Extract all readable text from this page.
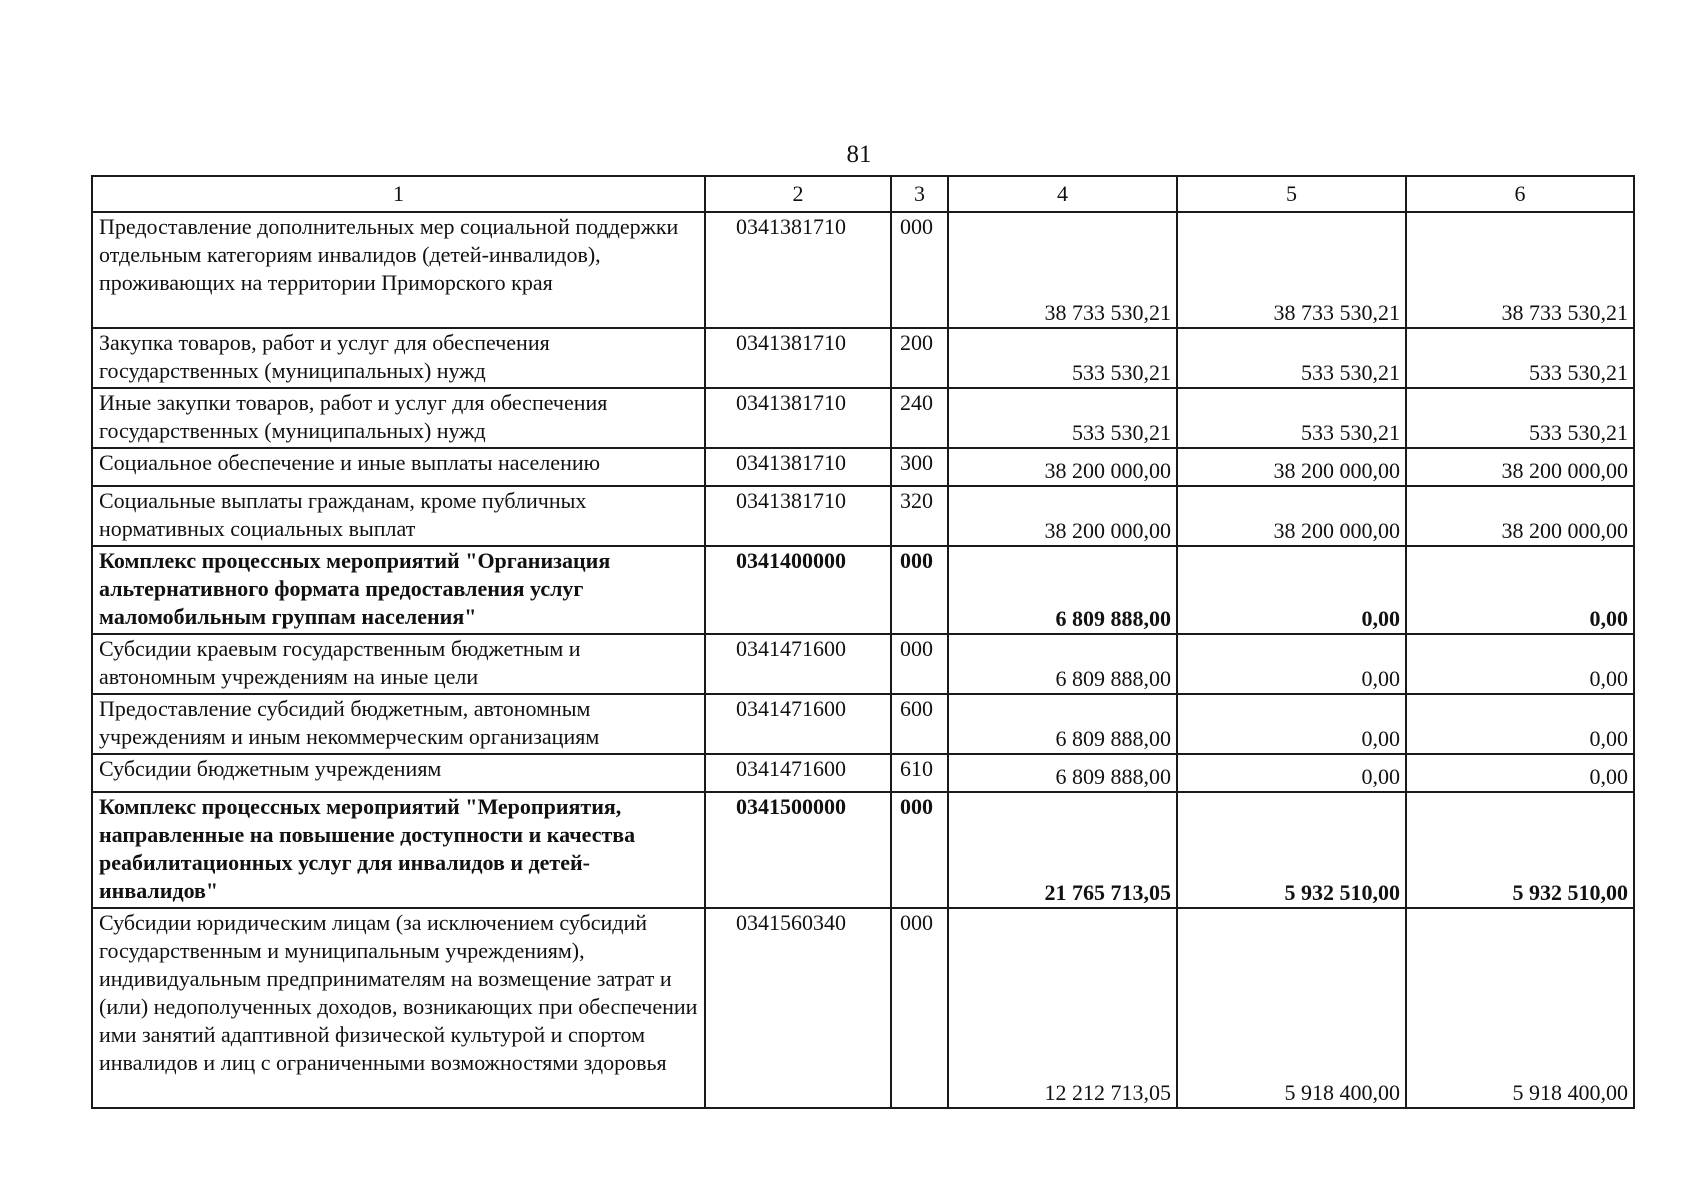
81
1	2	3	4	5	6
Предоставление дополнительных мер социальной поддержки отдельным категориям инвалидов (детей-инвалидов), проживающих на территории Приморского края	0341381710	000	38 733 530,21	38 733 530,21	38 733 530,21
Закупка товаров, работ и услуг для обеспечения государственных (муниципальных) нужд	0341381710	200	533 530,21	533 530,21	533 530,21
Иные закупки товаров, работ и услуг для обеспечения государственных (муниципальных) нужд	0341381710	240	533 530,21	533 530,21	533 530,21
Социальное обеспечение и иные выплаты населению	0341381710	300	38 200 000,00	38 200 000,00	38 200 000,00
Социальные выплаты гражданам, кроме публичных нормативных социальных выплат	0341381710	320	38 200 000,00	38 200 000,00	38 200 000,00
Комплекс процессных мероприятий "Организация альтернативного формата предоставления услуг маломобильным группам населения"	0341400000	000	6 809 888,00	0,00	0,00
Субсидии краевым государственным бюджетным и автономным учреждениям на иные цели	0341471600	000	6 809 888,00	0,00	0,00
Предоставление субсидий бюджетным, автономным учреждениям и иным некоммерческим организациям	0341471600	600	6 809 888,00	0,00	0,00
Субсидии бюджетным учреждениям	0341471600	610	6 809 888,00	0,00	0,00
Комплекс процессных мероприятий "Мероприятия, направленные на повышение доступности и качества реабилитационных услуг для инвалидов и детей-инвалидов"	0341500000	000	21 765 713,05	5 932 510,00	5 932 510,00
Субсидии юридическим лицам (за исключением субсидий государственным и муниципальным учреждениям), индивидуальным предпринимателям на возмещение затрат и (или) недополученных доходов, возникающих при обеспечении ими занятий адаптивной физической культурой и спортом инвалидов и лиц с ограниченными возможностями здоровья	0341560340	000	12 212 713,05	5 918 400,00	5 918 400,00
